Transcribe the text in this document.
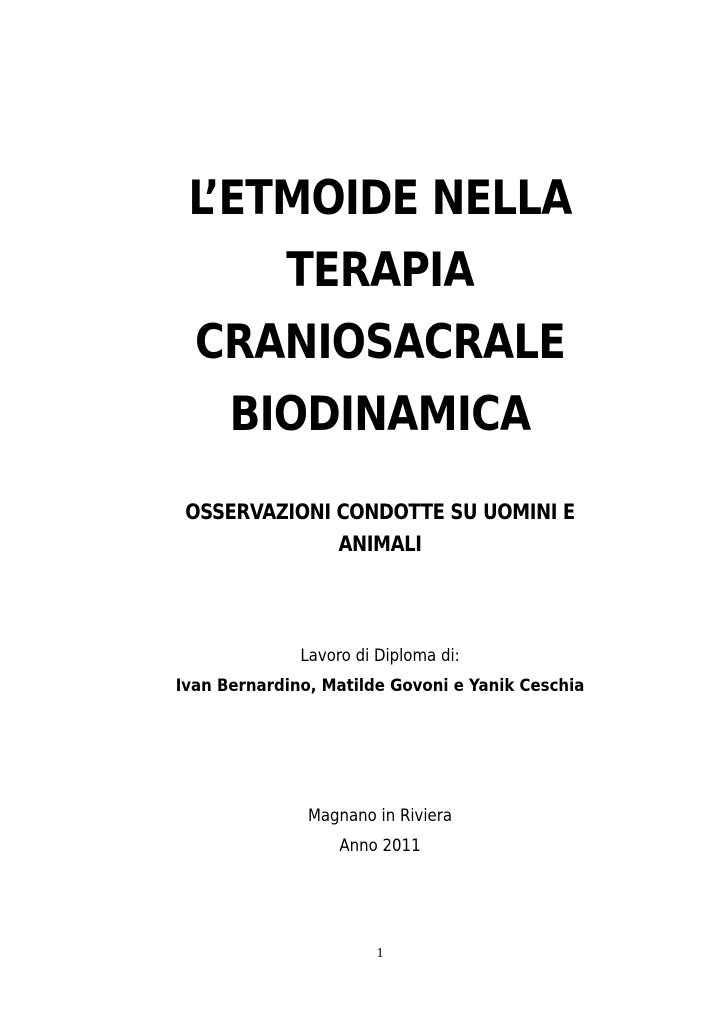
L’ETMOIDE NELLA
TERAPIA
CRANIOSACRALE
BIODINAMICA
OSSERVAZIONI CONDOTTE SU UOMINI E
ANIMALI
Lavoro di Diploma di:
Ivan Bernardino, Matilde Govoni e Yanik Ceschia
Magnano in Riviera
Anno 2011
1
